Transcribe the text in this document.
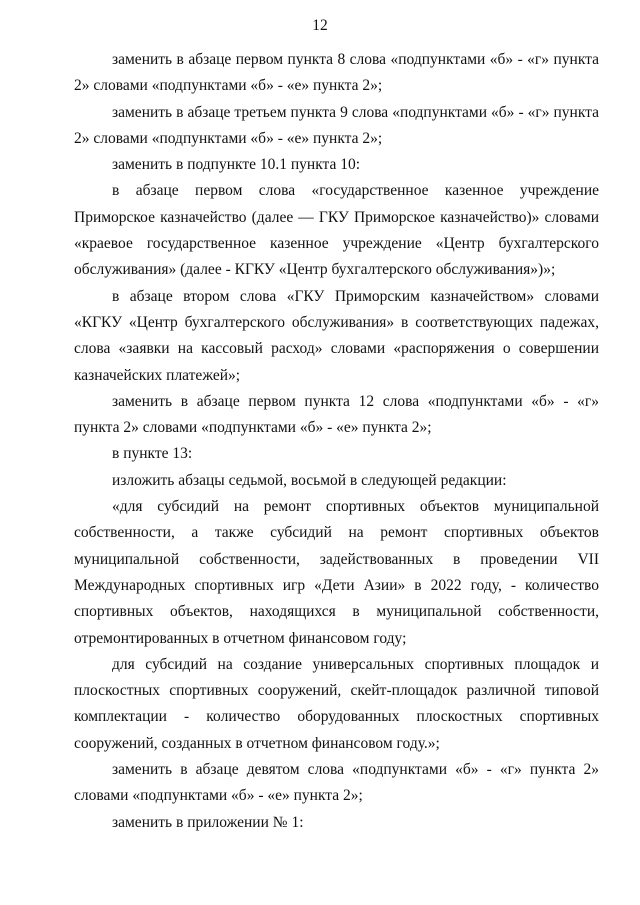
12

заменить в абзаце первом пункта 8 слова «подпунктами «б» - «г» пункта 2» словами «подпунктами «б» - «е» пункта 2»;

заменить в абзаце третьем пункта 9 слова «подпунктами «б» - «г» пункта 2» словами «подпунктами «б» - «е» пункта 2»;

заменить в подпункте 10.1 пункта 10:

в абзаце первом слова «государственное казенное учреждение Приморское казначейство (далее — ГКУ Приморское казначейство)» словами «краевое государственное казенное учреждение «Центр бухгалтерского обслуживания» (далее - КГКУ «Центр бухгалтерского обслуживания»)»;

в абзаце втором слова «ГКУ Приморским казначейством» словами «КГКУ «Центр бухгалтерского обслуживания» в соответствующих падежах, слова «заявки на кассовый расход» словами «распоряжения о совершении казначейских платежей»;

заменить в абзаце первом пункта 12 слова «подпунктами «б» - «г» пункта 2» словами «подпунктами «б» - «е» пункта 2»;

в пункте 13:

изложить абзацы седьмой, восьмой в следующей редакции:

«для субсидий на ремонт спортивных объектов муниципальной собственности, а также субсидий на ремонт спортивных объектов муниципальной собственности, задействованных в проведении VII Международных спортивных игр «Дети Азии» в 2022 году, - количество спортивных объектов, находящихся в муниципальной собственности, отремонтированных в отчетном финансовом году;

для субсидий на создание универсальных спортивных площадок и плоскостных спортивных сооружений, скейт-площадок различной типовой комплектации - количество оборудованных плоскостных спортивных сооружений, созданных в отчетном финансовом году.»;

заменить в абзаце девятом слова «подпунктами «б» - «г» пункта 2» словами «подпунктами «б» - «е» пункта 2»;

заменить в приложении № 1:
